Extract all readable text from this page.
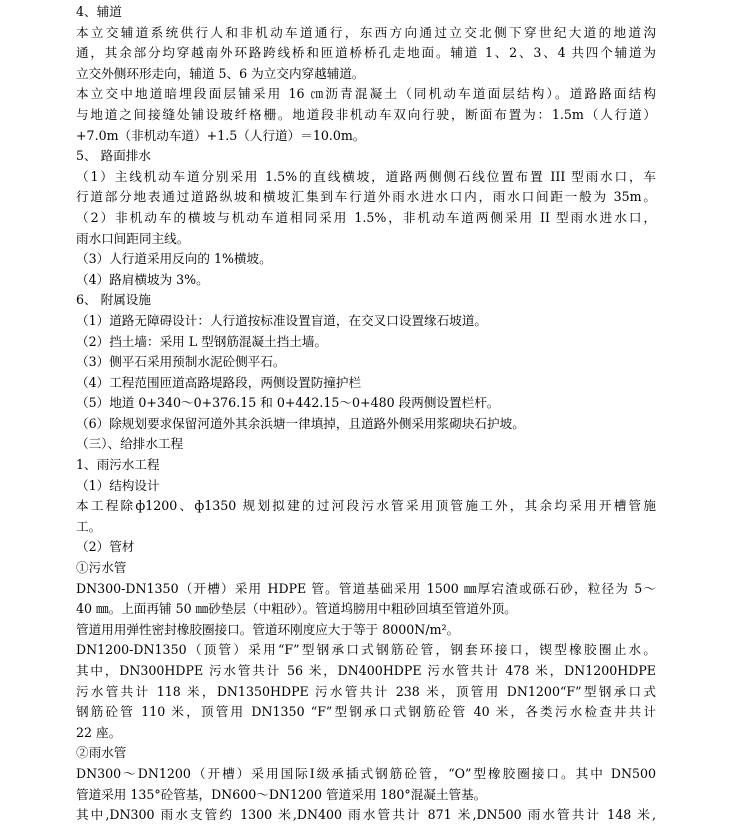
4、辅道
本立交辅道系统供行人和非机动车道通行，东西方向通过立交北侧下穿世纪大道的地道沟
通，其余部分均穿越南外环路跨线桥和匝道桥桥孔走地面。辅道 1、2、3、4 共四个辅道为
立交外侧环形走向，辅道 5、6 为立交内穿越辅道。
本立交中地道暗埋段面层铺采用 16 ㎝沥青混凝土（同机动车道面层结构）。道路路面结构
与地道之间接缝处铺设玻纤格栅。地道段非机动车双向行驶，断面布置为：1.5m（人行道）
+7.0m（非机动车道）+1.5（人行道）＝10.0m。
5、 路面排水
（1）主线机动车道分别采用 1.5%的直线横坡，道路两侧侧石线位置布置 III 型雨水口，车
行道部分地表通过道路纵坡和横坡汇集到车行道外雨水进水口内，雨水口间距一般为 35m。
（2）非机动车的横坡与机动车道相同采用 1.5%，非机动车道两侧采用 II 型雨水进水口，
雨水口间距同主线。
（3）人行道采用反向的 1%横坡。
（4）路肩横坡为 3%。
6、 附属设施
（1）道路无障碍设计：人行道按标准设置盲道，在交叉口设置缘石坡道。
（2）挡土墙：采用 L 型钢筋混凝土挡土墙。
（3）侧平石采用预制水泥砼侧平石。
（4）工程范围匝道高路堤路段，两侧设置防撞护栏
（5）地道 0+340～0+376.15 和 0+442.15～0+480 段两侧设置栏杆。
（6）除规划要求保留河道外其余浜塘一律填掉，且道路外侧采用浆砌块石护坡。
（三）、给排水工程
1、雨污水工程
（1）结构设计
本工程除ф1200、ф1350 规划拟建的过河段污水管采用顶管施工外，其余均采用开槽管施
工。
（2）管材
①污水管
DN300-DN1350（开槽）采用 HDPE 管。管道基础采用 1500 ㎜厚宕渣或砾石砂，粒径为 5～
40 ㎜。上面再铺 50 ㎜砂垫层（中粗砂）。管道坞膀用中粗砂回填至管道外顶。
管道用用弹性密封橡胶圈接口。管道环刚度应大于等于 8000N/m²。
DN1200-DN1350（顶管）采用“F”型钢承口式钢筋砼管，钢套环接口，锲型橡胶圈止水。
其中，DN300HDPE 污水管共计 56 米，DN400HDPE 污水管共计 478 米，DN1200HDPE
污水管共计 118 米，DN1350HDPE 污水管共计 238 米，顶管用 DN1200“F”型钢承口式
钢筋砼管 110 米，顶管用 DN1350 “F”型钢承口式钢筋砼管 40 米，各类污水检查井共计
22 座。
②雨水管
DN300～DN1200（开槽）采用国际Ⅰ级承插式钢筋砼管，“O”型橡胶圈接口。其中 DN500
管道采用 135°砼管基，DN600～DN1200 管道采用 180°混凝土管基。
其中,DN300 雨水支管约 1300 米,DN400 雨水管共计 871 米,DN500 雨水管共计 148 米,
